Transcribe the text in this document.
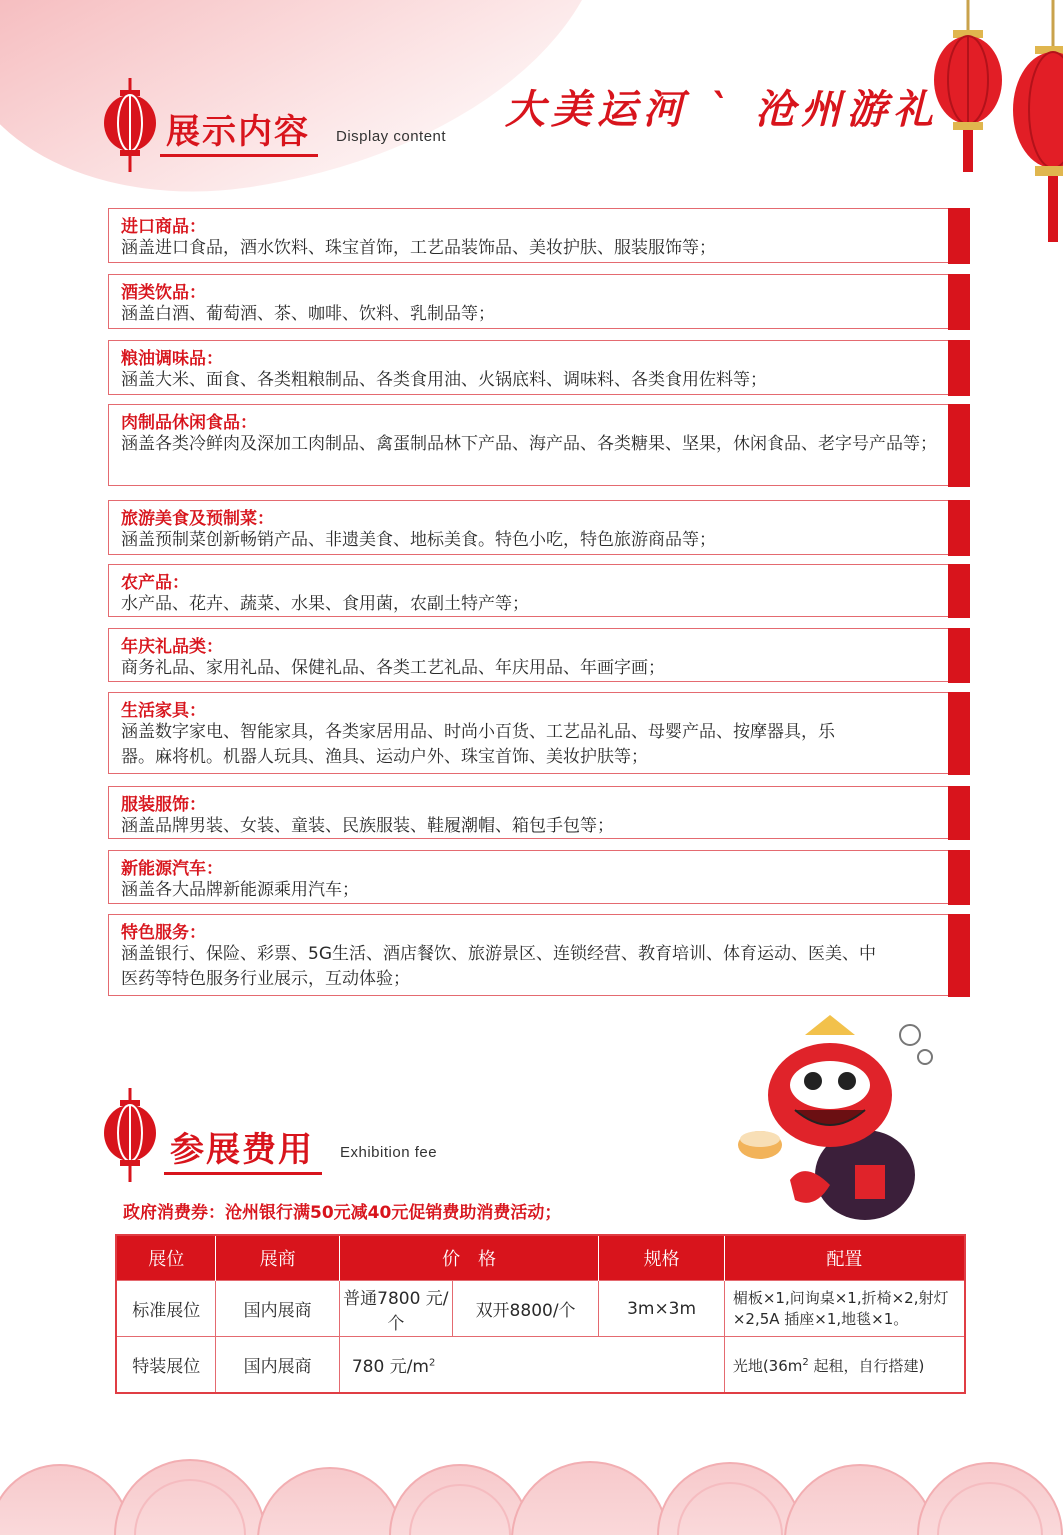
大美运河 ` 沧州游礼
展示内容 Display content
进口商品：
涵盖进口食品，酒水饮料、珠宝首饰，工艺品装饰品、美妆护肤、服装服饰等；
酒类饮品：
涵盖白酒、葡萄酒、茶、咖啡、饮料、乳制品等；
粮油调味品：
涵盖大米、面食、各类粗粮制品、各类食用油、火锅底料、调味料、各类食用佐料等；
肉制品休闲食品：
涵盖各类冷鲜肉及深加工肉制品、禽蛋制品林下产品、海产品、各类糖果、坚果，休闲食品、老字号产品等；
旅游美食及预制菜：
涵盖预制菜创新畅销产品、非遗美食、地标美食。特色小吃，特色旅游商品等；
农产品：
水产品、花卉、蔬菜、水果、食用菌，农副土特产等；
年庆礼品类：
商务礼品、家用礼品、保健礼品、各类工艺礼品、年庆用品、年画字画；
生活家具：
涵盖数字家电、智能家具，各类家居用品、时尚小百货、工艺品礼品、母婴产品、按摩器具，乐器。麻将机。机器人玩具、渔具、运动户外、珠宝首饰、美妆护肤等；
服装服饰：
涵盖品牌男装、女装、童装、民族服装、鞋履潮帽、箱包手包等；
新能源汽车：
涵盖各大品牌新能源乘用汽车；
特色服务：
涵盖银行、保险、彩票、5G生活、酒店餐饮、旅游景区、连锁经营、教育培训、体育运动、医美、中医药等特色服务行业展示，互动体验；
参展费用 Exhibition fee
政府消费券：沧州银行满50元减40元促销费助消费活动；
展位	展商	价　格		规格	配置
标准展位	国内展商	普通7800 元/个	双开8800/个	3m×3m	楣板×1,问询桌×1,折椅×2,射灯×2,5A 插座×1,地毯×1。
特装展位	国内展商	780 元$/m^2$			光地($36m^2$ 起租，自行搭建)
